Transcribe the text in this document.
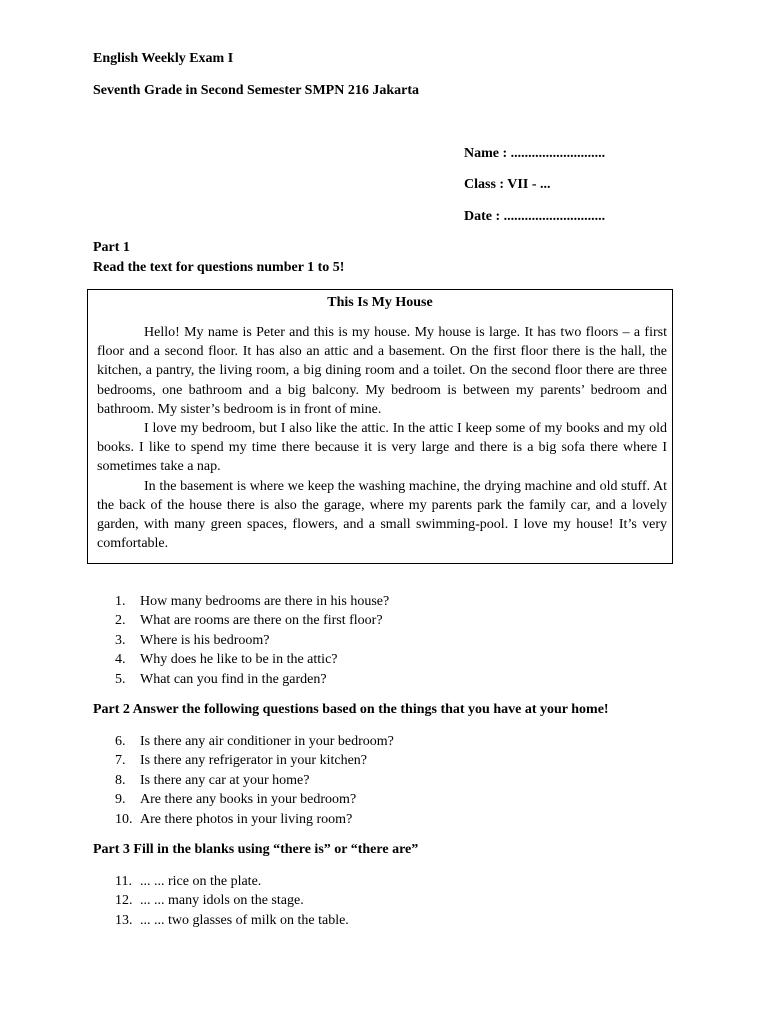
English Weekly Exam I
Seventh Grade in Second Semester SMPN 216 Jakarta
Name : ...........................
Class : VII - ...
Date : .............................
Part 1
Read the text for questions number 1 to 5!
This Is My House

Hello! My name is Peter and this is my house. My house is large. It has two floors – a first floor and a second floor. It has also an attic and a basement. On the first floor there is the hall, the kitchen, a pantry, the living room, a big dining room and a toilet. On the second floor there are three bedrooms, one bathroom and a big balcony. My bedroom is between my parents’ bedroom and bathroom. My sister’s bedroom is in front of mine.

I love my bedroom, but I also like the attic. In the attic I keep some of my books and my old books. I like to spend my time there because it is very large and there is a big sofa there where I sometimes take a nap.

In the basement is where we keep the washing machine, the drying machine and old stuff. At the back of the house there is also the garage, where my parents park the family car, and a lovely garden, with many green spaces, flowers, and a small swimming-pool. I love my house! It’s very comfortable.

1. How many bedrooms are there in his house?
2. What are rooms are there on the first floor?
3. Where is his bedroom?
4. Why does he like to be in the attic?
5. What can you find in the garden?
Part 2 Answer the following questions based on the things that you have at your home!
6. Is there any air conditioner in your bedroom?
7. Is there any refrigerator in your kitchen?
8. Is there any car at your home?
9. Are there any books in your bedroom?
10. Are there photos in your living room?
Part 3 Fill in the blanks using “there is” or “there are”
11. ... ... rice on the plate.
12. ... ... many idols on the stage.
13. ... ... two glasses of milk on the table.
